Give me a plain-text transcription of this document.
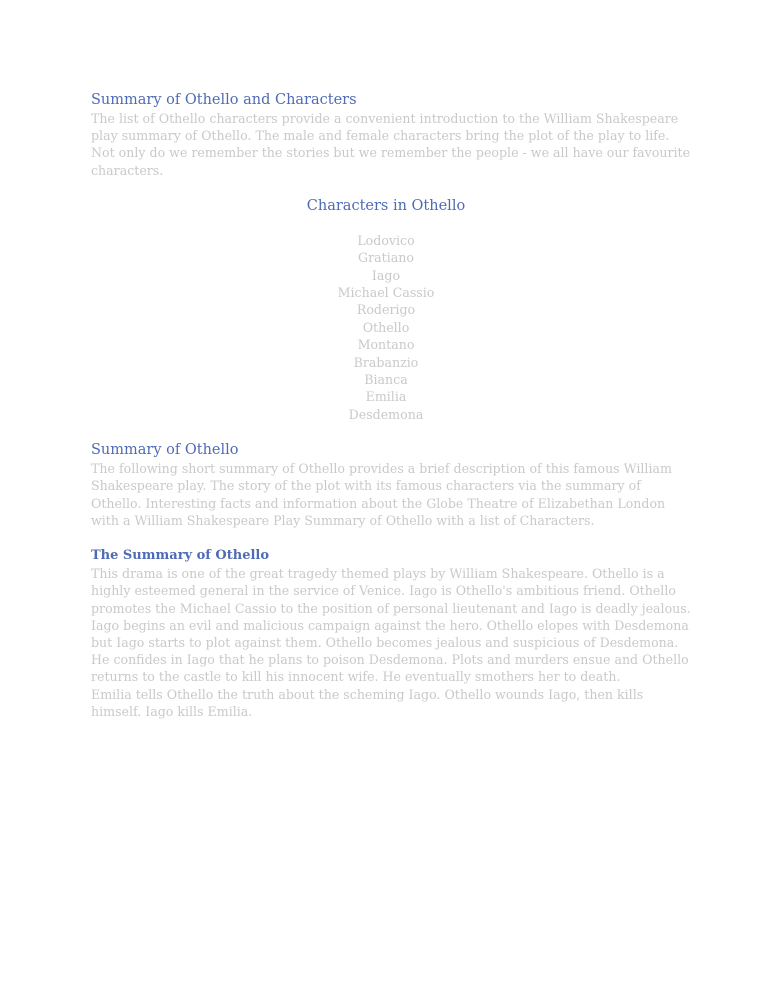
Summary of Othello and Characters

The list of Othello characters provide a convenient introduction to the William Shakespeare
play summary of Othello. The male and female characters bring the plot of the play to life.
Not only do we remember the stories but we remember the people - we all have our favourite
characters.

Characters in Othello
Lodovico
Gratiano
Iago
Michael Cassio
Roderigo
Othello
Montano
Brabanzio
Bianca
Emilia
Desdemona
Summary of Othello

The following short summary of Othello provides a brief description of this famous William
Shakespeare play. The story of the plot with its famous characters via the summary of
Othello. Interesting facts and information about the Globe Theatre of Elizabethan London
with a William Shakespeare Play Summary of Othello with a list of Characters.

The Summary of Othello

This drama is one of the great tragedy themed plays by William Shakespeare. Othello is a
highly esteemed general in the service of Venice. Iago is Othello's ambitious friend. Othello
promotes the Michael Cassio to the position of personal lieutenant and Iago is deadly jealous.
Iago begins an evil and malicious campaign against the hero. Othello elopes with Desdemona
but Iago starts to plot against them. Othello becomes jealous and suspicious of Desdemona.
He confides in Iago that he plans to poison Desdemona. Plots and murders ensue and Othello
returns to the castle to kill his innocent wife. He eventually smothers her to death.
Emilia tells Othello the truth about the scheming Iago. Othello wounds Iago, then kills
himself. Iago kills Emilia.
